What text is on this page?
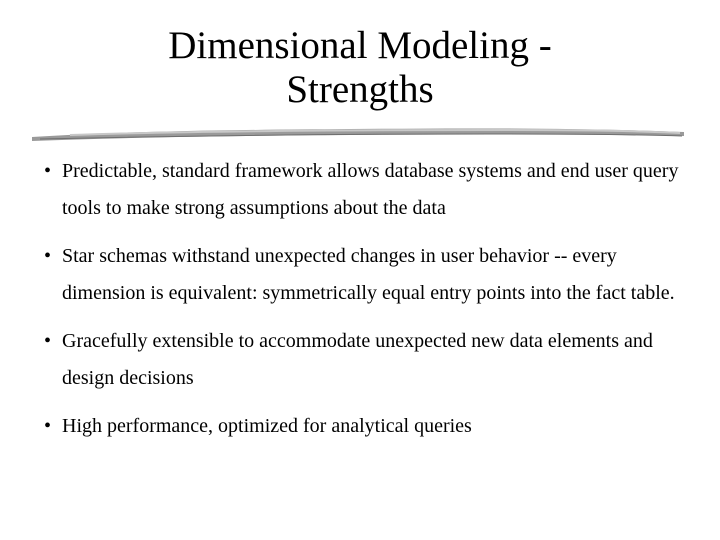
Dimensional Modeling -
Strengths
• Predictable, standard framework allows database systems and end user query tools to make strong assumptions about the data
• Star schemas withstand unexpected changes in user behavior -- every dimension is equivalent: symmetrically equal entry points into the fact table.
• Gracefully extensible to accommodate unexpected new data elements and design decisions
• High performance, optimized for analytical queries
